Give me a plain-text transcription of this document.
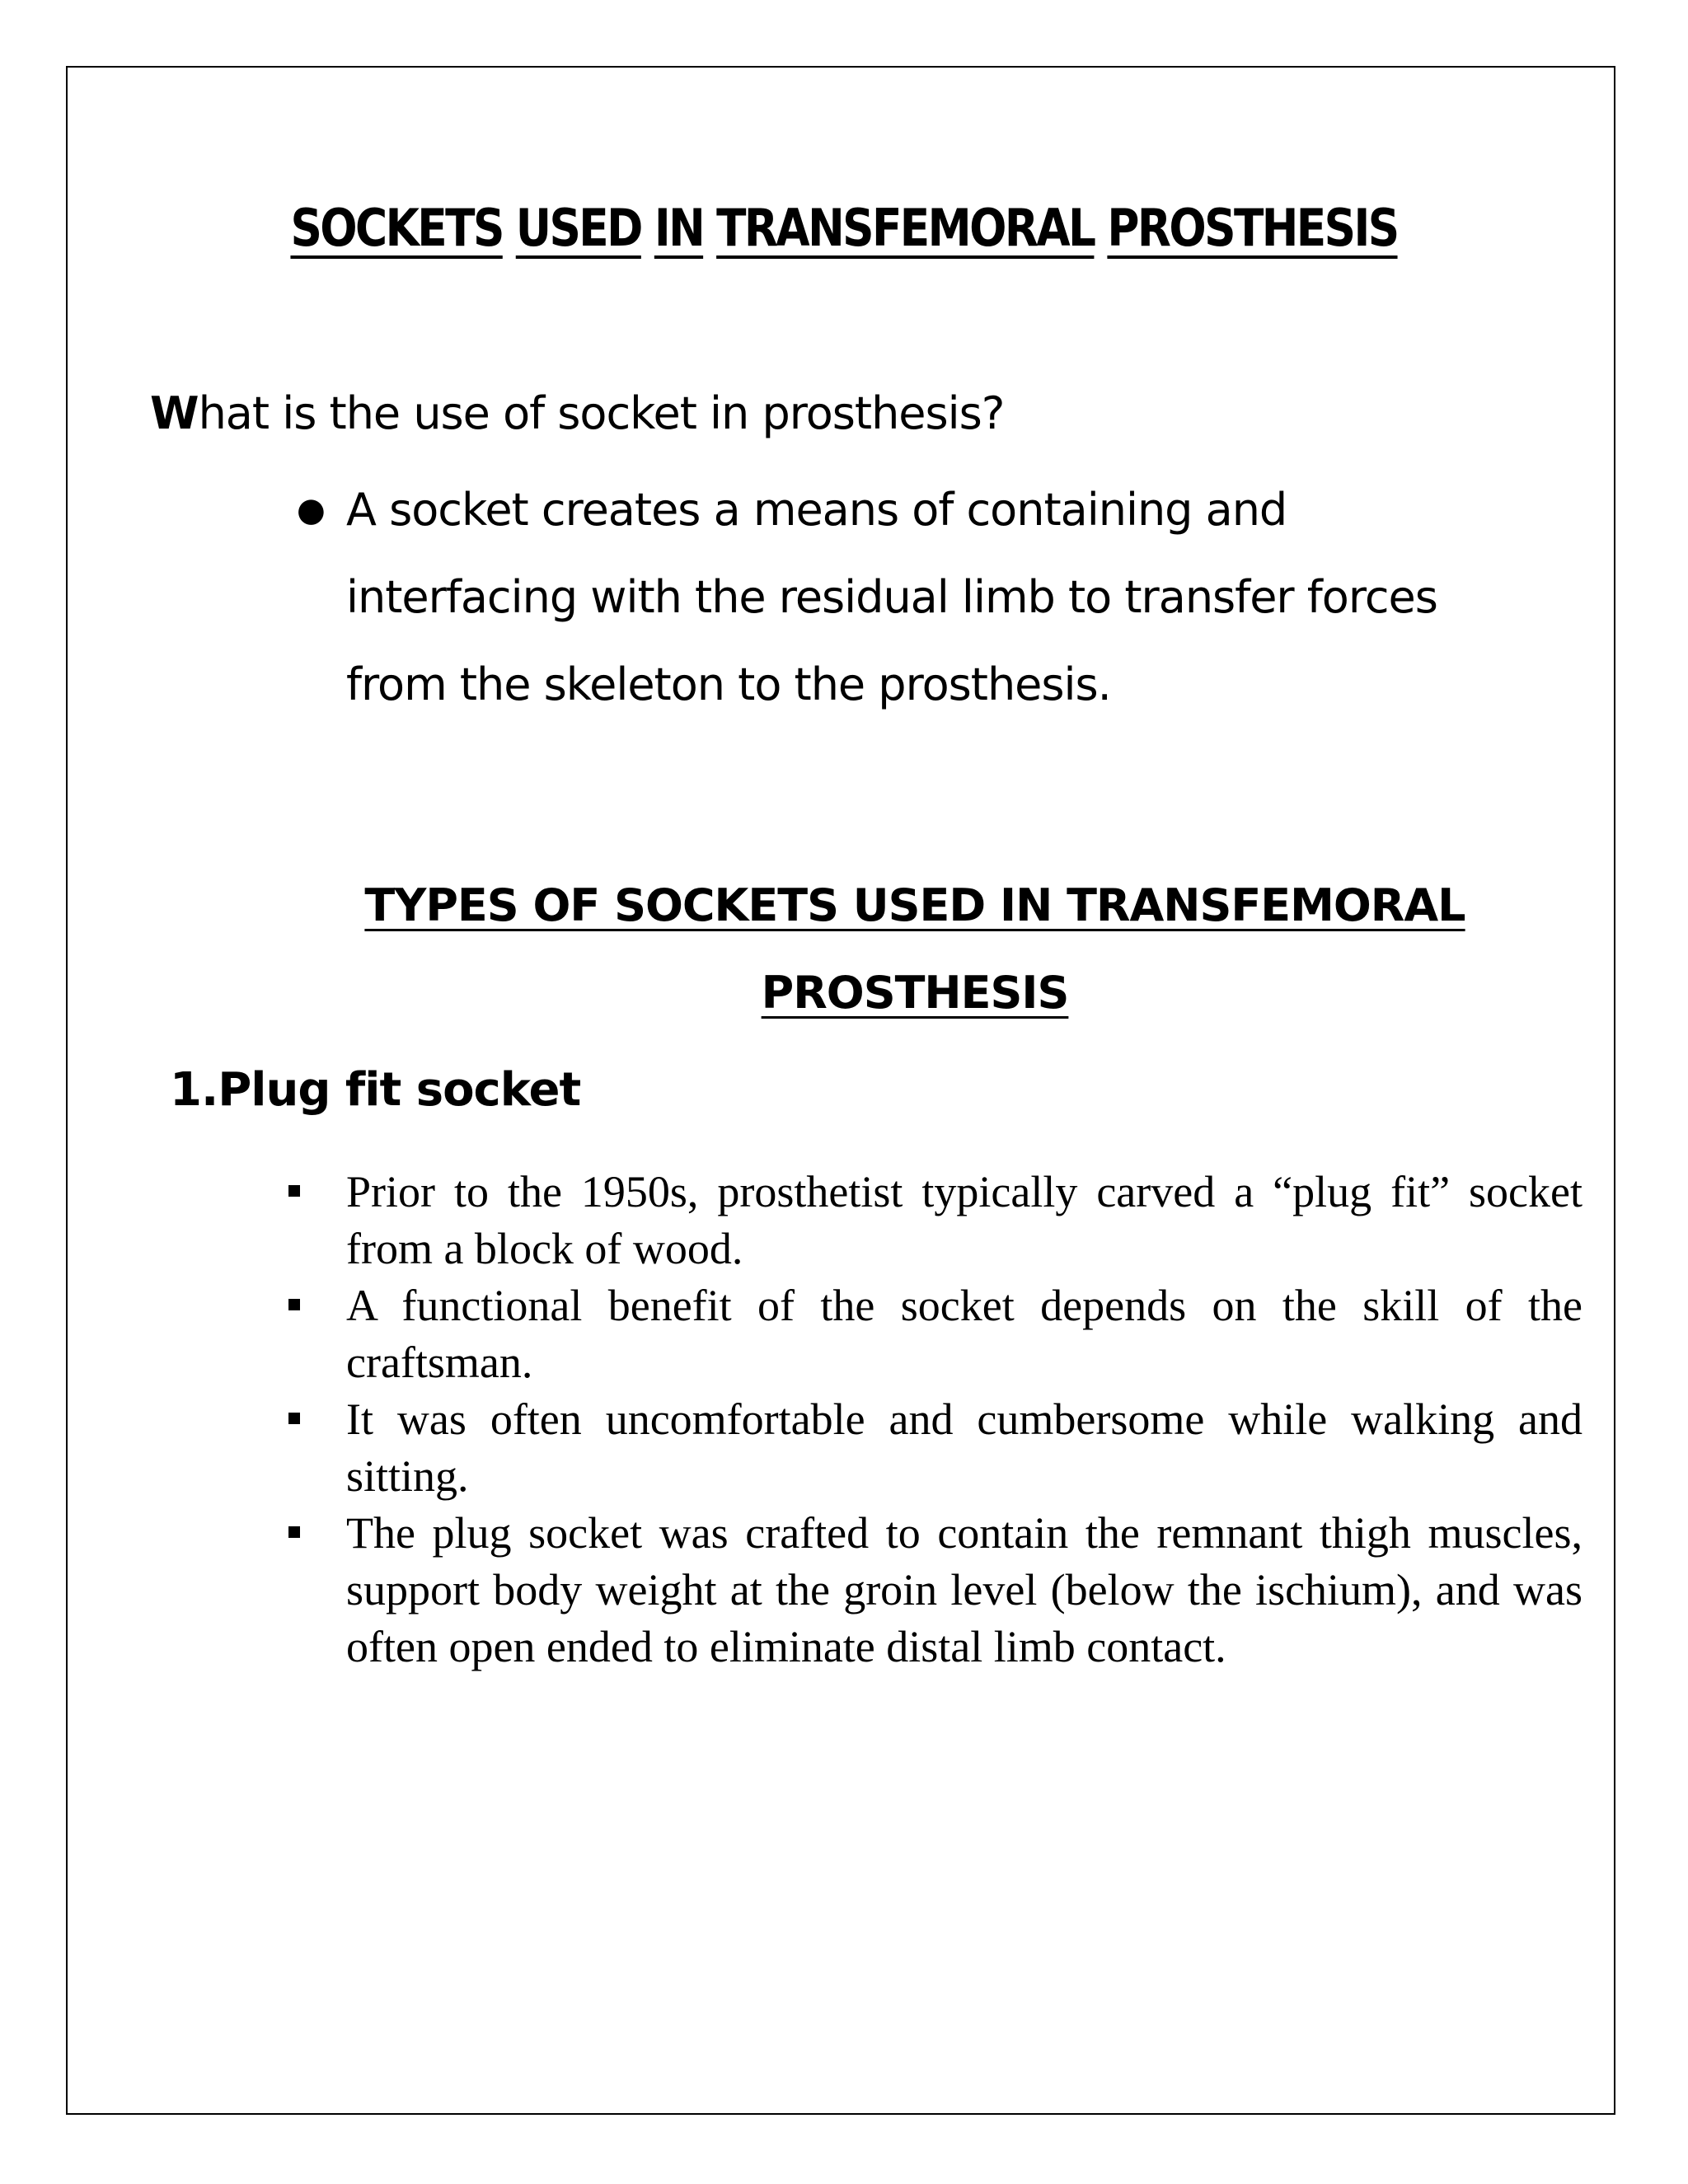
SOCKETS USED IN TRANSFEMORAL PROSTHESIS
What is the use of socket in prosthesis?
● A socket creates a means of containing and interfacing with the residual limb to transfer forces from the skeleton to the prosthesis.
TYPES OF SOCKETS USED IN TRANSFEMORAL PROSTHESIS
1.Plug fit socket
Prior to the 1950s, prosthetist typically carved a “plug fit” socket from a block of wood.
A functional benefit of the socket depends on the skill of the craftsman.
It was often uncomfortable and cumbersome while walking and sitting.
The plug socket was crafted to contain the remnant thigh muscles, support body weight at the groin level (below the ischium), and was often open ended to eliminate distal limb contact.
